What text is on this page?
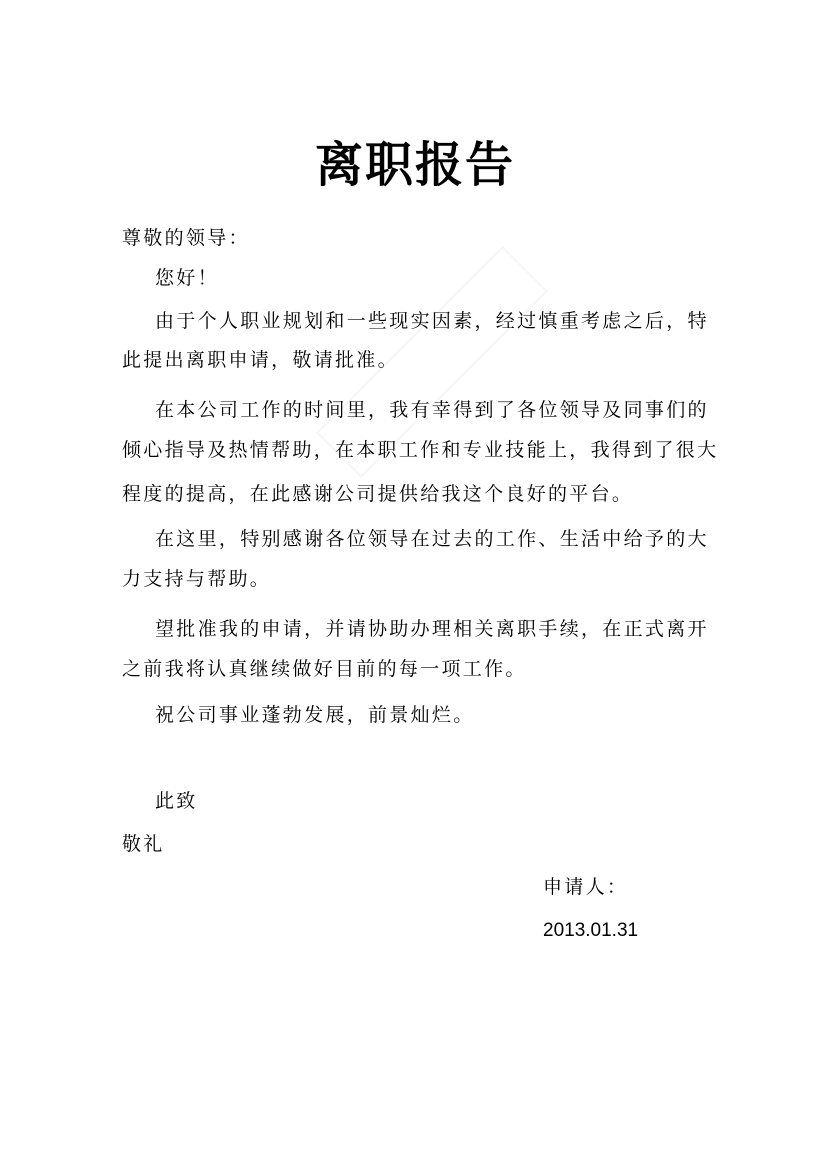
离职报告
尊敬的领导：
您好！
由于个人职业规划和一些现实因素，经过慎重考虑之后，特
此提出离职申请，敬请批准。
在本公司工作的时间里，我有幸得到了各位领导及同事们的
倾心指导及热情帮助，在本职工作和专业技能上，我得到了很大
程度的提高，在此感谢公司提供给我这个良好的平台。
在这里，特别感谢各位领导在过去的工作、生活中给予的大
力支持与帮助。
望批准我的申请，并请协助办理相关离职手续，在正式离开
之前我将认真继续做好目前的每一项工作。
祝公司事业蓬勃发展，前景灿烂。
此致
敬礼
申请人：
2013.01.31
